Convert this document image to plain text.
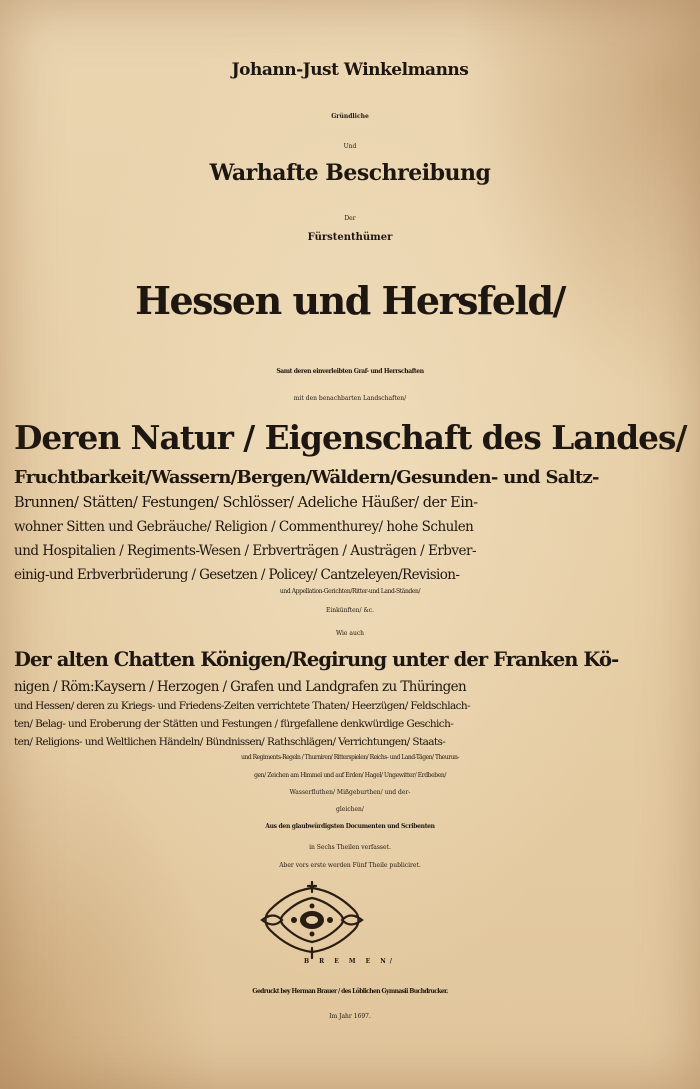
Johann-Just Winkelmanns
Gründliche
Und
Warhafte Beschreibung
Der
Fürstenthümer
Hessen und Hersfeld/
Samt deren einverleibten Graf- und Herrschaften
mit den benachbarten Landschaften/
Deren Natur / Eigenschaft des Landes/
Fruchtbarkeit/Wassern/Bergen/Wäldern/Gesunden- und Saltz-
Brunnen/ Stätten/ Festungen/ Schlösser/ Adeliche Häußer/ der Ein-
wohner Sitten und Gebräuche/ Religion / Commenthurey/ hohe Schulen
und Hospitalien / Regiments-Wesen / Erbverträgen / Austrägen / Erbver-
einig-und Erbverbrüderung / Gesetzen / Policey/ Cantzeleyen/Revision-
und Appellation-Gerichten/Ritter-und Land-Ständen/
Einkünften/ &c.
Wie auch
Der alten Chatten Königen/Regirung unter der Franken Kö-
nigen / Röm:Kaysern / Herzogen / Grafen und Landgrafen zu Thüringen
und Hessen/ deren zu Kriegs- und Friedens-Zeiten verrichtete Thaten/ Heerzügen/ Feldschlach-
ten/ Belag- und Eroberung der Stätten und Festungen / fürgefallene denkwürdige Geschich-
ten/ Religions- und Weltlichen Händeln/ Bündnissen/ Rathschlägen/ Verrichtungen/ Staats-
und Regiments-Regeln / Thurniren/ Ritterspielen/ Reichs- und Land-Tägen/ Theurun-
gen/ Zeichen am Himmel und auf Erden/ Hagel/ Ungewitter/ Erdbeben/
Wasserfluthen/ Mißgeburthen/ und der-
gleichen/
Aus den glaubwürdigsten Documenten und Scribenten
in Sechs Theilen verfasset.
Aber vors erste werden Fünf Theile publiciret.
B R E M E N/
Gedruckt bey Herman Brauer / des Löblichen Gymnasii Buchdrucker.
Im Jahr 1697.
